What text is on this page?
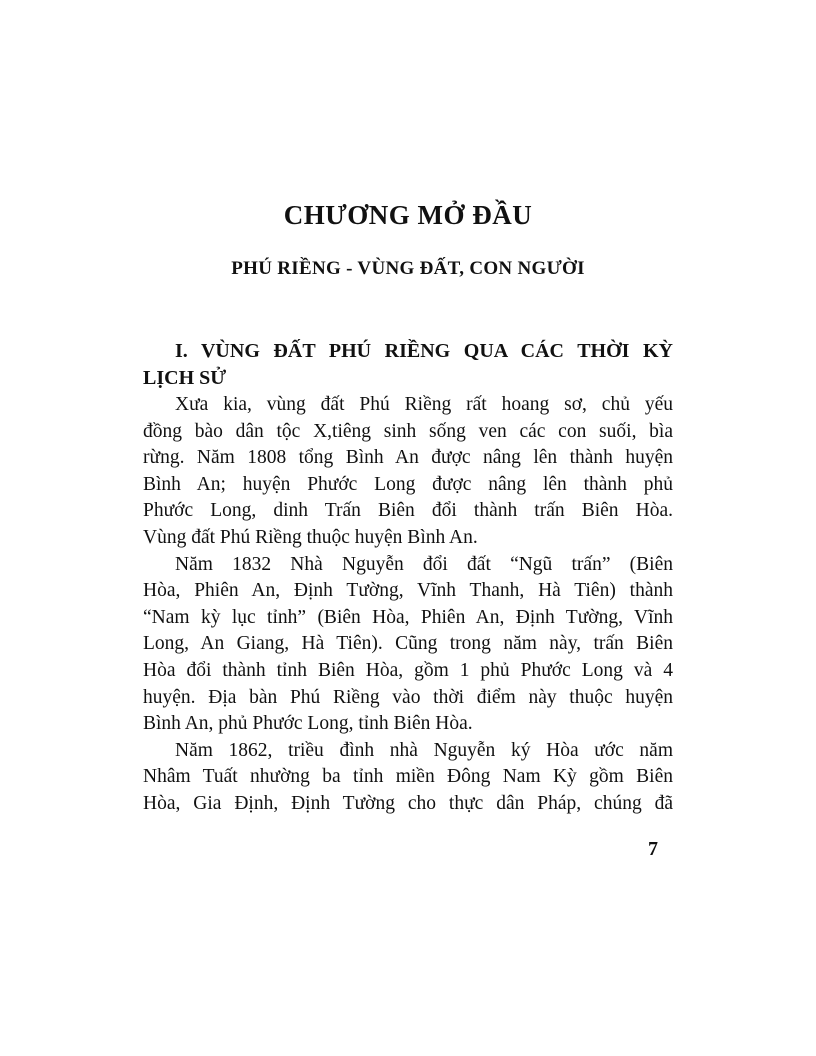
CHƯƠNG MỞ ĐẦU
PHÚ RIỀNG - VÙNG ĐẤT, CON NGƯỜI
I. VÙNG ĐẤT PHÚ RIỀNG QUA CÁC THỜI KỲ
LỊCH SỬ
Xưa kia, vùng đất Phú Riềng rất hoang sơ, chủ yếu
đồng bào dân tộc X,tiêng sinh sống ven các con suối, bìa
rừng. Năm 1808 tổng Bình An được nâng lên thành huyện
Bình An; huyện Phước Long được nâng lên thành phủ
Phước Long, dinh Trấn Biên đổi thành trấn Biên Hòa.
Vùng đất Phú Riềng thuộc huyện Bình An.
Năm 1832 Nhà Nguyễn đổi đất “Ngũ trấn” (Biên
Hòa, Phiên An, Định Tường, Vĩnh Thanh, Hà Tiên) thành
“Nam kỳ lục tỉnh” (Biên Hòa, Phiên An, Định Tường, Vĩnh
Long, An Giang, Hà Tiên). Cũng trong năm này, trấn Biên
Hòa đổi thành tỉnh Biên Hòa, gồm 1 phủ Phước Long và 4
huyện. Địa bàn Phú Riềng vào thời điểm này thuộc huyện
Bình An, phủ Phước Long, tỉnh Biên Hòa.
Năm 1862, triều đình nhà Nguyễn ký Hòa ước năm
Nhâm Tuất nhường ba tỉnh miền Đông Nam Kỳ gồm Biên
Hòa, Gia Định, Định Tường cho thực dân Pháp, chúng đã
7
